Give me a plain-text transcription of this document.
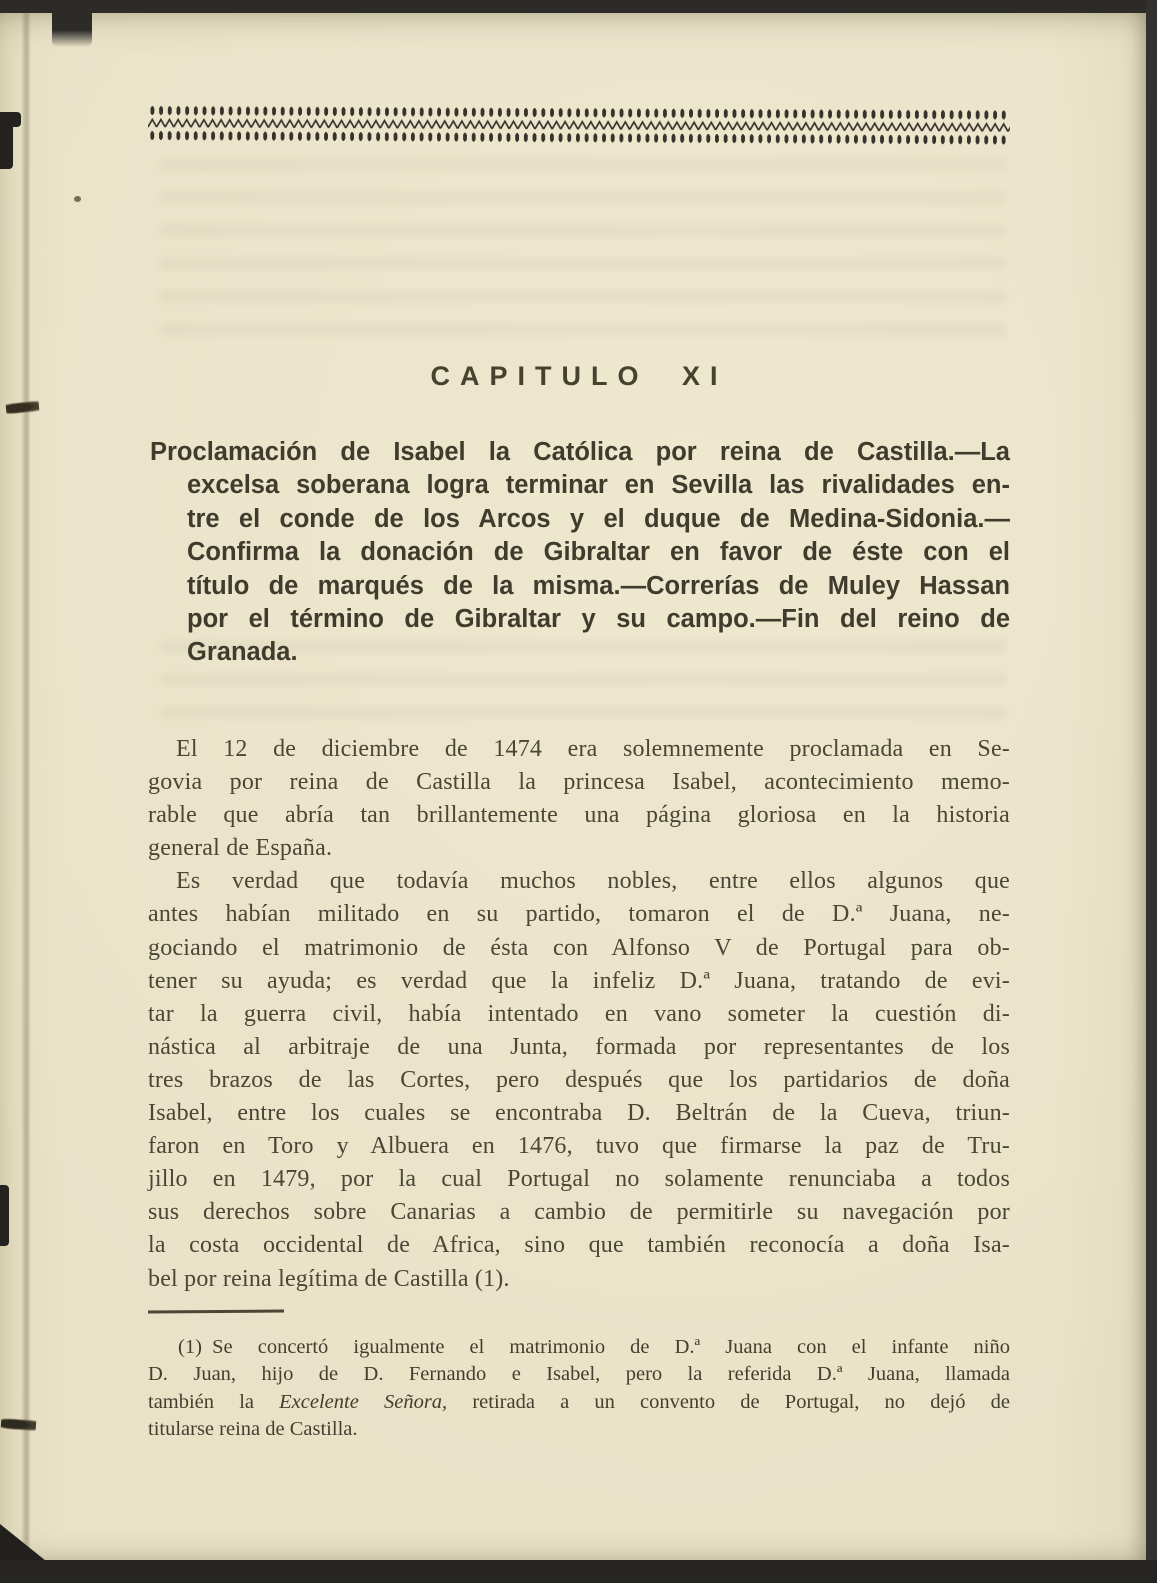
CAPITULO XI
Proclamación de Isabel la Católica por reina de Castilla.—La
excelsa soberana logra terminar en Sevilla las rivalidades en-
tre el conde de los Arcos y el duque de Medina-Sidonia.—
Confirma la donación de Gibraltar en favor de éste con el
título de marqués de la misma.—Correrías de Muley Hassan
por el término de Gibraltar y su campo.—Fin del reino de
Granada.
El 12 de diciembre de 1474 era solemnemente proclamada en Se-
govia por reina de Castilla la princesa Isabel, acontecimiento memo-
rable que abría tan brillantemente una página gloriosa en la historia
general de España.
Es verdad que todavía muchos nobles, entre ellos algunos que
antes habían militado en su partido, tomaron el de D.ª Juana, ne-
gociando el matrimonio de ésta con Alfonso V de Portugal para ob-
tener su ayuda; es verdad que la infeliz D.ª Juana, tratando de evi-
tar la guerra civil, había intentado en vano someter la cuestión di-
nástica al arbitraje de una Junta, formada por representantes de los
tres brazos de las Cortes, pero después que los partidarios de doña
Isabel, entre los cuales se encontraba D. Beltrán de la Cueva, triun-
faron en Toro y Albuera en 1476, tuvo que firmarse la paz de Tru-
jillo en 1479, por la cual Portugal no solamente renunciaba a todos
sus derechos sobre Canarias a cambio de permitirle su navegación por
la costa occidental de Africa, sino que también reconocía a doña Isa-
bel por reina legítima de Castilla (1).
(1) Se concertó igualmente el matrimonio de D.ª Juana con el infante niño
D. Juan, hijo de D. Fernando e Isabel, pero la referida D.ª Juana, llamada
también la Excelente Señora, retirada a un convento de Portugal, no dejó de
titularse reina de Castilla.
